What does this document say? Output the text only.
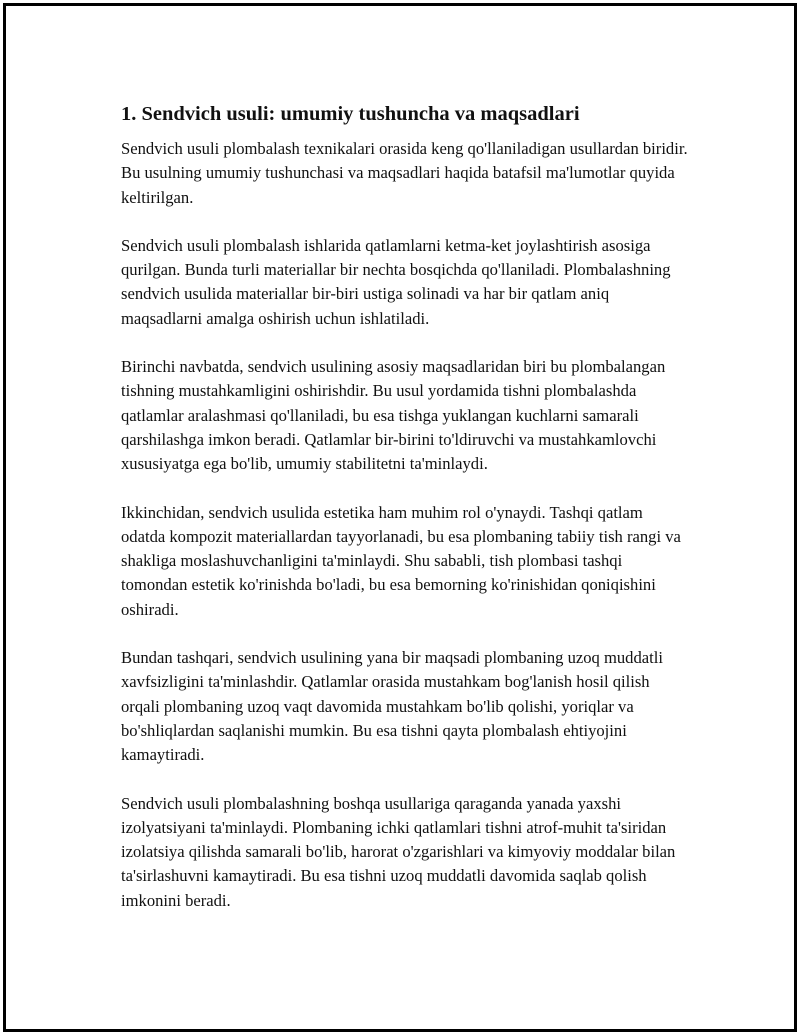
1. Sendvich usuli: umumiy tushuncha va maqsadlari

Sendvich usuli plombalash texnikalari orasida keng qo'llaniladigan usullardan biridir. Bu usulning umumiy tushunchasi va maqsadlari haqida batafsil ma'lumotlar quyida keltirilgan.

Sendvich usuli plombalash ishlarida qatlamlarni ketma-ket joylashtirish asosiga qurilgan. Bunda turli materiallar bir nechta bosqichda qo'llaniladi. Plombalashning sendvich usulida materiallar bir-biri ustiga solinadi va har bir qatlam aniq maqsadlarni amalga oshirish uchun ishlatiladi.

Birinchi navbatda, sendvich usulining asosiy maqsadlaridan biri bu plombalangan tishning mustahkamligini oshirishdir. Bu usul yordamida tishni plombalashda qatlamlar aralashmasi qo'llaniladi, bu esa tishga yuklangan kuchlarni samarali qarshilashga imkon beradi. Qatlamlar bir-birini to'ldiruvchi va mustahkamlovchi xususiyatga ega bo'lib, umumiy stabilitetni ta'minlaydi.

Ikkinchidan, sendvich usulida estetika ham muhim rol o'ynaydi. Tashqi qatlam odatda kompozit materiallardan tayyorlanadi, bu esa plombaning tabiiy tish rangi va shakliga moslashuvchanligini ta'minlaydi. Shu sababli, tish plombasi tashqi tomondan estetik ko'rinishda bo'ladi, bu esa bemorning ko'rinishidan qoniqishini oshiradi.

Bundan tashqari, sendvich usulining yana bir maqsadi plombaning uzoq muddatli xavfsizligini ta'minlashdir. Qatlamlar orasida mustahkam bog'lanish hosil qilish orqali plombaning uzoq vaqt davomida mustahkam bo'lib qolishi, yoriqlar va bo'shliqlardan saqlanishi mumkin. Bu esa tishni qayta plombalash ehtiyojini kamaytiradi.

Sendvich usuli plombalashning boshqa usullariga qaraganda yanada yaxshi izolyatsiyani ta'minlaydi. Plombaning ichki qatlamlari tishni atrof-muhit ta'siridan izolatsiya qilishda samarali bo'lib, harorat o'zgarishlari va kimyoviy moddalar bilan ta'sirlashuvni kamaytiradi. Bu esa tishni uzoq muddatli davomida saqlab qolish imkonini beradi.
